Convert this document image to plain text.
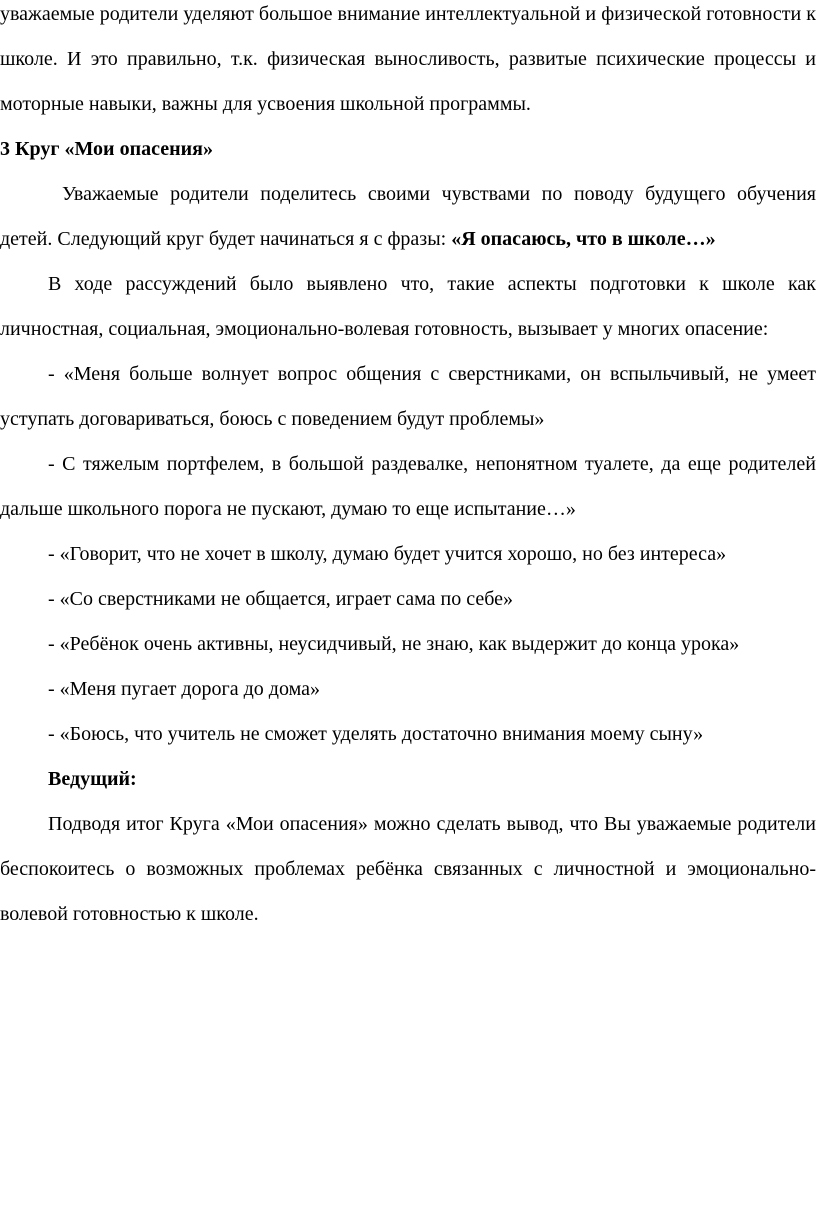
уважаемые родители уделяют большое внимание интеллектуальной и физической готовности к школе. И это правильно, т.к. физическая выносливость, развитые психические процессы и моторные навыки, важны для усвоения школьной программы.

3 Круг «Мои опасения»

Уважаемые родители поделитесь своими чувствами по поводу будущего обучения детей. Следующий круг будет начинаться я с фразы: «Я опасаюсь, что в школе…»

В ходе рассуждений было выявлено что, такие аспекты подготовки к школе как личностная, социальная, эмоционально-волевая готовность, вызывает у многих опасение:

- «Меня больше волнует вопрос общения с сверстниками, он вспыльчивый, не умеет уступать договариваться, боюсь с поведением будут проблемы»

- С тяжелым портфелем, в большой раздевалке, непонятном туалете, да еще родителей дальше школьного порога не пускают, думаю то еще испытание…»

- «Говорит, что не хочет в школу, думаю будет учится хорошо, но без интереса»

- «Со сверстниками не общается, играет сама по себе»

- «Ребёнок очень активны, неусидчивый, не знаю, как выдержит до конца урока»

- «Меня пугает дорога до дома»

- «Боюсь, что учитель не сможет уделять достаточно внимания моему сыну»

Ведущий:

Подводя итог Круга «Мои опасения» можно сделать вывод, что Вы уважаемые родители беспокоитесь о возможных проблемах ребёнка связанных с личностной и эмоционально-волевой готовностью к школе.
